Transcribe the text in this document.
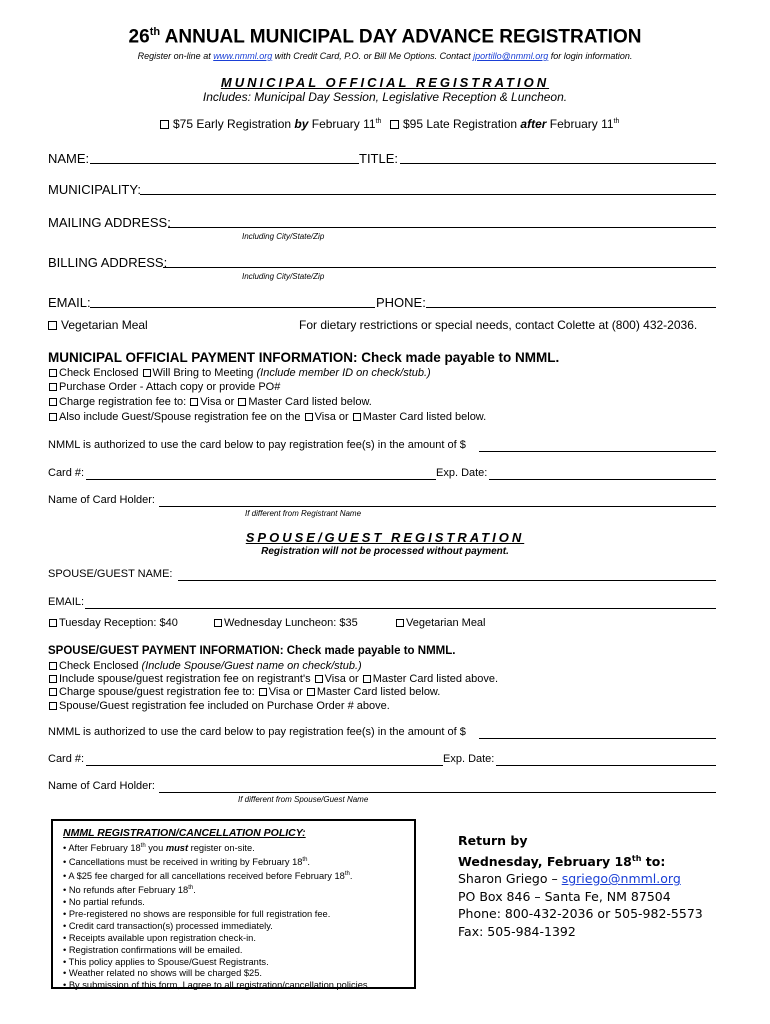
26th ANNUAL MUNICIPAL DAY ADVANCE REGISTRATION
Register on-line at www.nmml.org with Credit Card, P.O. or Bill Me Options. Contact jportillo@nmml.org for login information.
MUNICIPAL OFFICIAL REGISTRATION
Includes: Municipal Day Session, Legislative Reception & Luncheon.
$75 Early Registration by February 11th	$95 Late Registration after February 11th
NAME:	TITLE:
MUNICIPALITY:
MAILING ADDRESS:
Including City/State/Zip
BILLING ADDRESS:
Including City/State/Zip
EMAIL:	PHONE:
Vegetarian Meal	For dietary restrictions or special needs, contact Colette at (800) 432-2036.
MUNICIPAL OFFICIAL PAYMENT INFORMATION: Check made payable to NMML.
Check Enclosed Will Bring to Meeting (Include member ID on check/stub.)
Purchase Order - Attach copy or provide PO#
Charge registration fee to: Visa or Master Card listed below.
Also include Guest/Spouse registration fee on the Visa or Master Card listed below.
NMML is authorized to use the card below to pay registration fee(s) in the amount of $
Card #:	Exp. Date:
Name of Card Holder:
If different from Registrant Name
SPOUSE/GUEST REGISTRATION
Registration will not be processed without payment.
SPOUSE/GUEST NAME:
EMAIL:
Tuesday Reception: $40	Wednesday Luncheon: $35	Vegetarian Meal
SPOUSE/GUEST PAYMENT INFORMATION: Check made payable to NMML.
Check Enclosed (Include Spouse/Guest name on check/stub.)
Include spouse/guest registration fee on registrant's Visa or Master Card listed above.
Charge spouse/guest registration fee to: Visa or Master Card listed below.
Spouse/Guest registration fee included on Purchase Order # above.
NMML is authorized to use the card below to pay registration fee(s) in the amount of $
Card #:	Exp. Date:
Name of Card Holder:
If different from Spouse/Guest Name
NMML REGISTRATION/CANCELLATION POLICY:
• After February 18th you must register on-site.
• Cancellations must be received in writing by February 18th.
• A $25 fee charged for all cancellations received before February 18th.
• No refunds after February 18th.
• No partial refunds.
• Pre-registered no shows are responsible for full registration fee.
• Credit card transaction(s) processed immediately.
• Receipts available upon registration check-in.
• Registration confirmations will be emailed.
• This policy applies to Spouse/Guest Registrants.
• Weather related no shows will be charged $25.
• By submission of this form, I agree to all registration/cancellation policies.
Return by
Wednesday, February 18th to:
Sharon Griego – sgriego@nmml.org
PO Box 846 – Santa Fe, NM 87504
Phone: 800-432-2036 or 505-982-5573
Fax: 505-984-1392
